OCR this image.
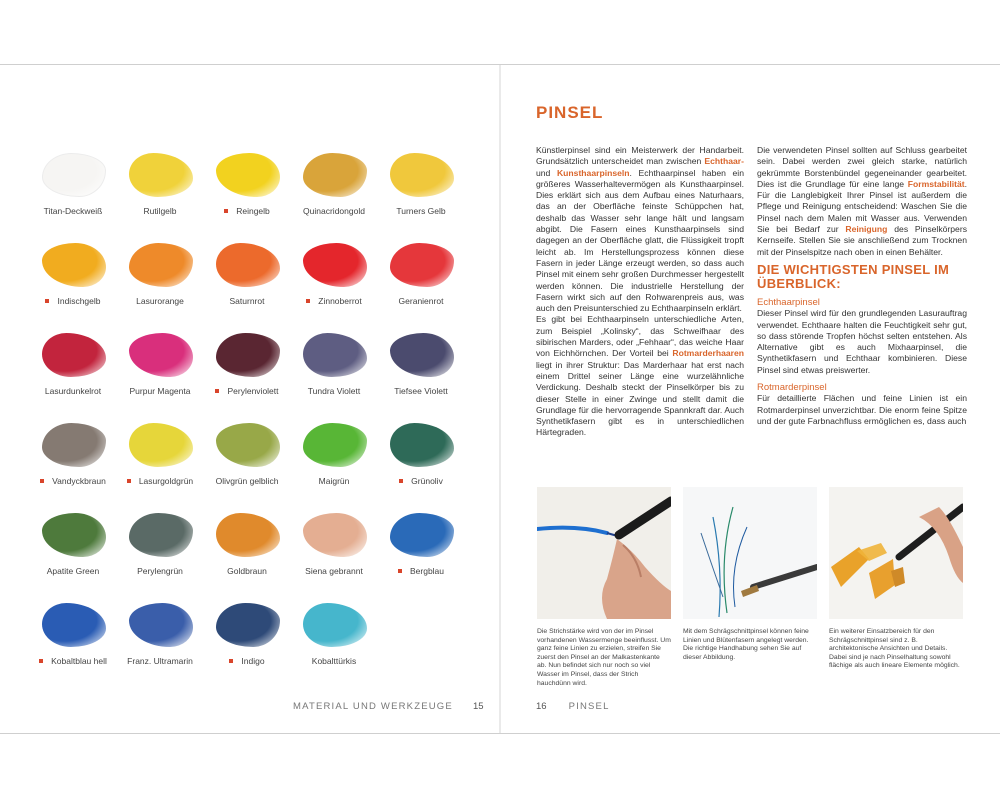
Titan-Deckweiß	Rutilgelb	Reingelb	Quinacridongold	Turners Gelb
Indischgelb	Lasurorange	Saturnrot	Zinnoberrot	Geranienrot
Lasurdunkelrot	Purpur Magenta	Perylenviolett	Tundra Violett	Tiefsee Violett
Vandyckbraun	Lasurgoldgrün	Olivgrün gelblich	Maigrün	Grünoliv
Apatite Green	Perylengrün	Goldbraun	Siena gebrannt	Bergblau
Kobaltblau hell	Franz. Ultramarin	Indigo	Kobalttürkis
MATERIAL UND WERKZEUGE 15
PINSEL

Künstlerpinsel sind ein Meisterwerk der Handarbeit. Grundsätzlich unterscheidet man zwischen Echthaar- und Kunsthaarpinseln. Echthaarpinsel haben ein größeres Wasserhaltevermögen als Kunsthaarpinsel. Dies erklärt sich aus dem Aufbau eines Naturhaars, das an der Oberfläche feinste Schüppchen hat, deshalb das Wasser sehr lange hält und langsam abgibt. Die Fasern eines Kunsthaarpinsels sind dagegen an der Oberfläche glatt, die Flüssigkeit tropft leicht ab. Im Herstellungsprozess können diese Fasern in jeder Länge erzeugt werden, so dass auch Pinsel mit einem sehr großen Durchmesser hergestellt werden können. Die industrielle Herstellung der Fasern wirkt sich auf den Rohwarenpreis aus, was auch den Preisunterschied zu Echthaarpinseln erklärt.

Es gibt bei Echthaarpinseln unterschiedliche Arten, zum Beispiel „Kolinsky“, das Schweifhaar des sibirischen Marders, oder „Fehhaar“, das weiche Haar von Eichhörnchen. Der Vorteil bei Rotmarderhaaren liegt in ihrer Struktur: Das Marderhaar hat erst nach einem Drittel seiner Länge eine wurzelähnliche Verdickung. Deshalb steckt der Pinselkörper bis zu dieser Stelle in einer Zwinge und stellt damit die Grundlage für die hervorragende Spannkraft dar. Auch Synthetikfasern gibt es in unterschiedlichen Härtegraden.

Die verwendeten Pinsel sollten auf Schluss gearbeitet sein. Dabei werden zwei gleich starke, natürlich gekrümmte Borstenbündel gegeneinander gearbeitet. Dies ist die Grundlage für eine lange Formstabilität. Für die Langlebigkeit Ihrer Pinsel ist außerdem die Pflege und Reinigung entscheidend: Waschen Sie die Pinsel nach dem Malen mit Wasser aus. Verwenden Sie bei Bedarf zur Reinigung des Pinselkörpers Kernseife. Stellen Sie sie anschließend zum Trocknen mit der Pinselspitze nach oben in einen Behälter.

DIE WICHTIGSTEN PINSEL IM ÜBERBLICK:
Echthaarpinsel

Dieser Pinsel wird für den grundlegenden Lasurauftrag verwendet. Echthaare halten die Feuchtigkeit sehr gut, so dass störende Tropfen höchst selten entstehen. Als Alternative gibt es auch Mixhaarpinsel, die Synthetikfasern und Echthaar kombinieren. Diese Pinsel sind etwas preiswerter.

Rotmarderpinsel

Für detaillierte Flächen und feine Linien ist ein Rotmarderpinsel unverzichtbar. Die enorm feine Spitze und der gute Farbnachfluss ermöglichen es, dass auch

Die Strichstärke wird von der im Pinsel vorhandenen Wassermenge beeinflusst. Um ganz feine Linien zu erzielen, streifen Sie zuerst den Pinsel an der Malkastenkante ab. Nun befindet sich nur noch so viel Wasser im Pinsel, dass der Strich hauchdünn wird.
Mit dem Schrägschnittpinsel können feine Linien und Blütenfasern angelegt werden. Die richtige Handhabung sehen Sie auf dieser Abbildung.
Ein weiterer Einsatzbereich für den Schrägschnittpinsel sind z. B. architektonische Ansichten und Details. Dabei sind je nach Pinselhaltung sowohl flächige als auch lineare Elemente möglich.
16 PINSEL
